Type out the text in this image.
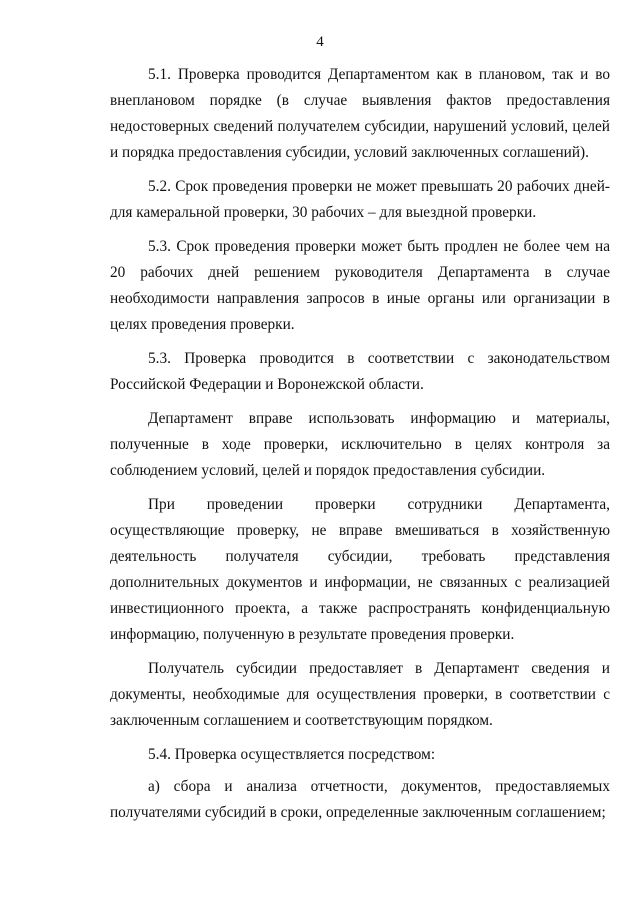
4

5.1. Проверка проводится Департаментом как в плановом, так и во внеплановом порядке (в случае выявления фактов предоставления недостоверных сведений получателем субсидии, нарушений условий, целей и порядка предоставления субсидии, условий заключенных соглашений).

5.2. Срок проведения проверки не может превышать 20 рабочих дней- для камеральной проверки, 30 рабочих – для выездной проверки.

5.3. Срок проведения проверки может быть продлен не более чем на 20 рабочих дней решением руководителя Департамента в случае необходимости направления запросов в иные органы или организации в целях проведения проверки.

5.3. Проверка проводится в соответствии с законодательством Российской Федерации и Воронежской области.

Департамент вправе использовать информацию и материалы, полученные в ходе проверки, исключительно в целях контроля за соблюдением условий, целей и порядок предоставления субсидии.

При проведении проверки сотрудники Департамента, осуществляющие проверку, не вправе вмешиваться в хозяйственную деятельность получателя субсидии, требовать представления дополнительных документов и информации, не связанных с реализацией инвестиционного проекта, а также распространять конфиденциальную информацию, полученную в результате проведения проверки.

Получатель субсидии предоставляет в Департамент сведения и документы, необходимые для осуществления проверки, в соответствии с заключенным соглашением и соответствующим порядком.

5.4. Проверка осуществляется посредством:

а) сбора и анализа отчетности, документов, предоставляемых получателями субсидий в сроки, определенные заключенным соглашением;
